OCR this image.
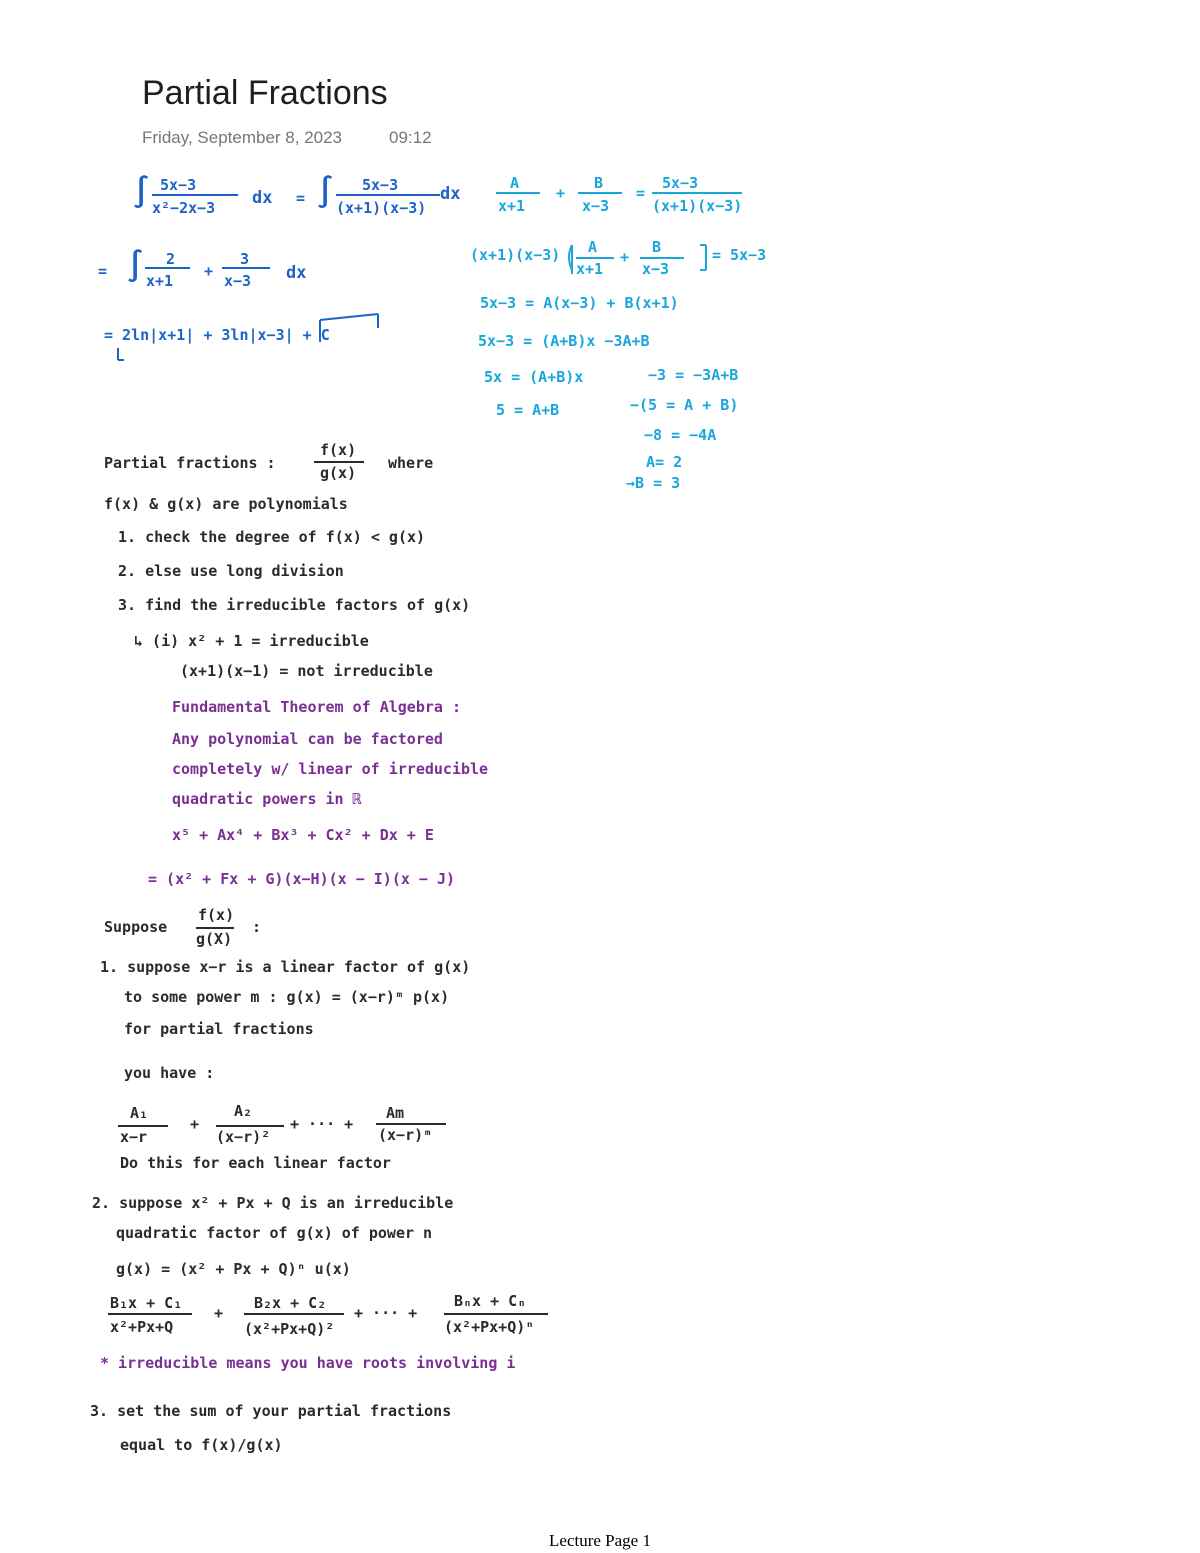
Partial Fractions
Friday, September 8, 2023	09:12
∫ 5x−3
x²−2x−3 dx = ∫ 5x−3
(x+1)(x−3)
dx
A
x+1
+
B
x−3
=
5x−3
(x+1)(x−3)
= ∫ 2
x+1
+
3
x−3 dx
= 2ln|x+1| + 3ln|x−3| + C
(x+1)(x−3) A
x+1
+
B
x−3
= 5x−3
5x−3 = A(x−3) + B(x+1)
5x−3 = (A+B)x −3A+B
5x = (A+B)x	−3 = −3A+B
5 = A+B	−(5 = A + B)
−8 = −4A
A= 2
→B = 3
Partial fractions :
f(x)
g(x)
where
f(x) & g(x) are polynomials
1. check the degree of f(x) < g(x)
2. else use long division
3. find the irreducible factors of g(x)
↳ (i) x² + 1 = irreducible
(x+1)(x−1) = not irreducible
Fundamental Theorem of Algebra :
Any polynomial can be factored
completely w/ linear of irreducible
quadratic powers in ℝ
x⁵ + Ax⁴ + Bx³ + Cx² + Dx + E
= (x² + Fx + G)(x−H)(x − I)(x − J)
Suppose
f(x)
g(X)
:
1. suppose x−r is a linear factor of g(x)
to some power m : g(x) = (x−r)ᵐ p(x)
for partial fractions
you have :
A₁
x−r
+
A₂
(x−r)²
+ ··· +
Am
(x−r)ᵐ
Do this for each linear factor
2. suppose x² + Px + Q is an irreducible
quadratic factor of g(x) of power n
g(x) = (x² + Px + Q)ⁿ u(x)
B₁x + C₁
x²+Px+Q
+
B₂x + C₂
(x²+Px+Q)²
+ ··· +
Bₙx + Cₙ
(x²+Px+Q)ⁿ
* irreducible means you have roots involving i
3. set the sum of your partial fractions
equal to f(x)/g(x)
Lecture Page 1
